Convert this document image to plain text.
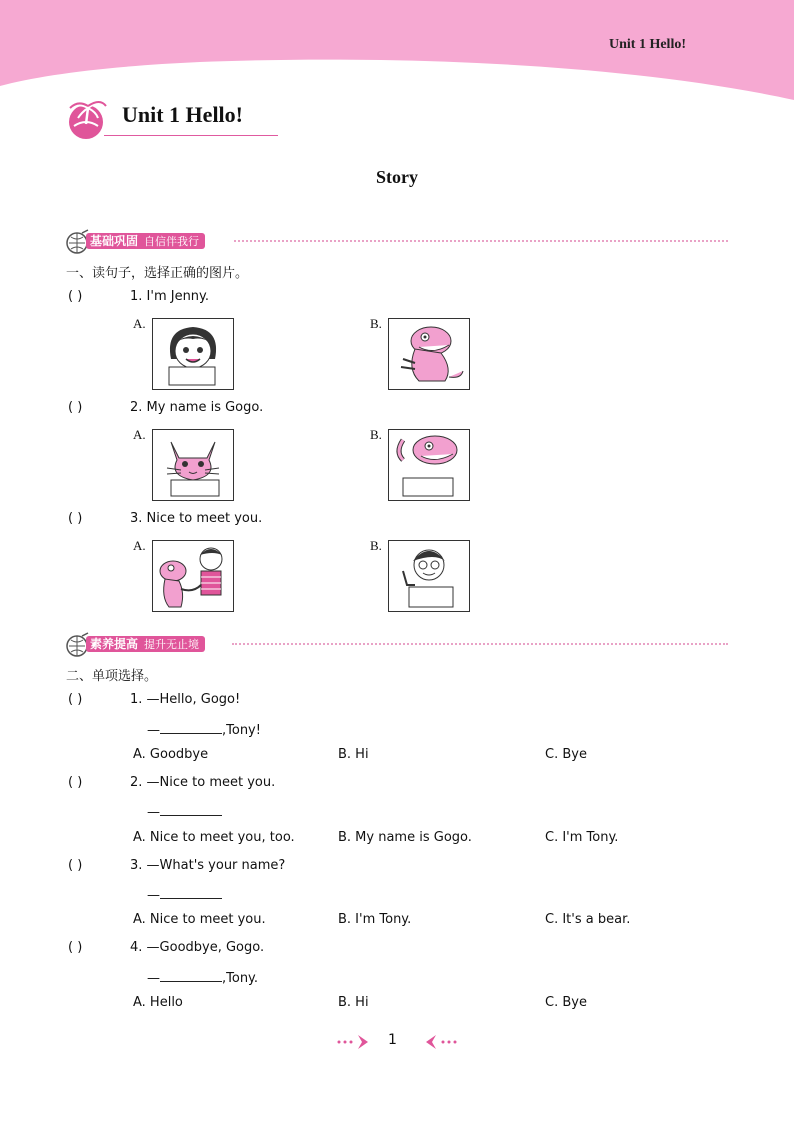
Unit 1 Hello!
Unit 1 Hello!
Story
基础巩固 自信伴我行
一、读句子，选择正确的图片。
( )	1. I'm Jenny.
A.	B.
( )	2. My name is Gogo.
A.	B.
( )	3. Nice to meet you.
A.	B.
素养提高 提升无止境
二、单项选择。
( )	1. —Hello, Gogo!
—	,Tony!
A. Goodbye	B. Hi	C. Bye
( )	2. —Nice to meet you.
—
A. Nice to meet you, too.	B. My name is Gogo.	C. I'm Tony.
( )	3. —What's your name?
—
A. Nice to meet you.	B. I'm Tony.	C. It's a bear.
( )	4. —Goodbye, Gogo.
—	,Tony.
A. Hello	B. Hi	C. Bye
1
